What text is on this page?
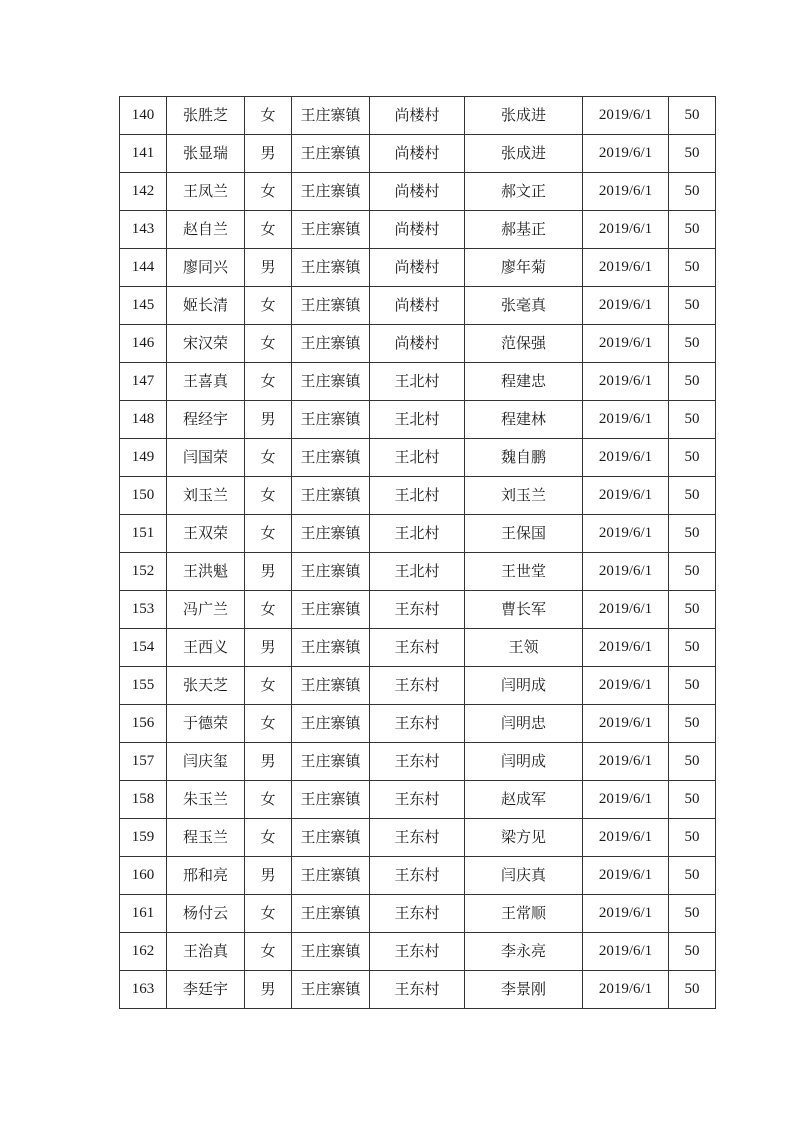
140	张胜芝	女	王庄寨镇	尚楼村	张成进	2019/6/1	50
141	张显瑞	男	王庄寨镇	尚楼村	张成进	2019/6/1	50
142	王凤兰	女	王庄寨镇	尚楼村	郝文正	2019/6/1	50
143	赵自兰	女	王庄寨镇	尚楼村	郝基正	2019/6/1	50
144	廖同兴	男	王庄寨镇	尚楼村	廖年菊	2019/6/1	50
145	姬长清	女	王庄寨镇	尚楼村	张毫真	2019/6/1	50
146	宋汉荣	女	王庄寨镇	尚楼村	范保强	2019/6/1	50
147	王喜真	女	王庄寨镇	王北村	程建忠	2019/6/1	50
148	程经宇	男	王庄寨镇	王北村	程建林	2019/6/1	50
149	闫国荣	女	王庄寨镇	王北村	魏自鹏	2019/6/1	50
150	刘玉兰	女	王庄寨镇	王北村	刘玉兰	2019/6/1	50
151	王双荣	女	王庄寨镇	王北村	王保国	2019/6/1	50
152	王洪魁	男	王庄寨镇	王北村	王世堂	2019/6/1	50
153	冯广兰	女	王庄寨镇	王东村	曹长军	2019/6/1	50
154	王西义	男	王庄寨镇	王东村	王领	2019/6/1	50
155	张天芝	女	王庄寨镇	王东村	闫明成	2019/6/1	50
156	于德荣	女	王庄寨镇	王东村	闫明忠	2019/6/1	50
157	闫庆玺	男	王庄寨镇	王东村	闫明成	2019/6/1	50
158	朱玉兰	女	王庄寨镇	王东村	赵成军	2019/6/1	50
159	程玉兰	女	王庄寨镇	王东村	梁方见	2019/6/1	50
160	邢和亮	男	王庄寨镇	王东村	闫庆真	2019/6/1	50
161	杨付云	女	王庄寨镇	王东村	王常顺	2019/6/1	50
162	王治真	女	王庄寨镇	王东村	李永亮	2019/6/1	50
163	李廷宇	男	王庄寨镇	王东村	李景刚	2019/6/1	50
